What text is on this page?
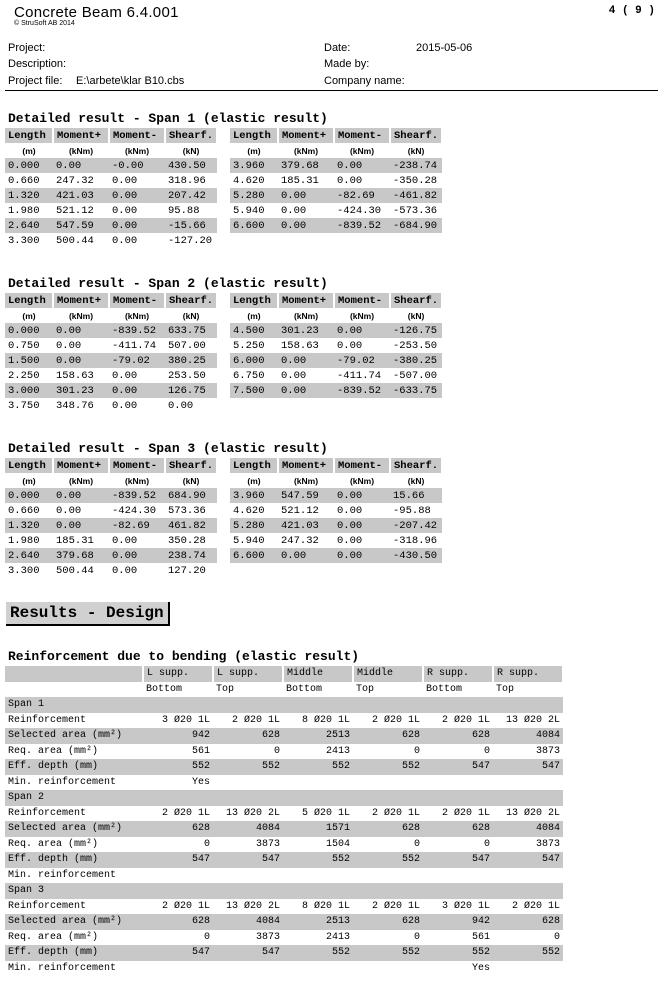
Concrete Beam 6.4.001
© StruSoft AB 2014
4 ( 9 )
Project:
Description:
Project file: E:\arbete\klar B10.cbs
Date:	2015-05-06
Made by:
Company name:
Detailed result - Span 1 (elastic result)
Length	Moment+	Moment-	Shearf.
(m)	(kNm)	(kNm)	(kN)
0.000	0.00	-0.00	430.50
0.660	247.32	0.00	318.96
1.320	421.03	0.00	207.42
1.980	521.12	0.00	95.88
2.640	547.59	0.00	-15.66
3.300	500.44	0.00	-127.20
Length	Moment+	Moment-	Shearf.
(m)	(kNm)	(kNm)	(kN)
3.960	379.68	0.00	-238.74
4.620	185.31	0.00	-350.28
5.280	0.00	-82.69	-461.82
5.940	0.00	-424.30	-573.36
6.600	0.00	-839.52	-684.90
Detailed result - Span 2 (elastic result)
Length	Moment+	Moment-	Shearf.
(m)	(kNm)	(kNm)	(kN)
0.000	0.00	-839.52	633.75
0.750	0.00	-411.74	507.00
1.500	0.00	-79.02	380.25
2.250	158.63	0.00	253.50
3.000	301.23	0.00	126.75
3.750	348.76	0.00	0.00
Length	Moment+	Moment-	Shearf.
(m)	(kNm)	(kNm)	(kN)
4.500	301.23	0.00	-126.75
5.250	158.63	0.00	-253.50
6.000	0.00	-79.02	-380.25
6.750	0.00	-411.74	-507.00
7.500	0.00	-839.52	-633.75
Detailed result - Span 3 (elastic result)
Length	Moment+	Moment-	Shearf.
(m)	(kNm)	(kNm)	(kN)
0.000	0.00	-839.52	684.90
0.660	0.00	-424.30	573.36
1.320	0.00	-82.69	461.82
1.980	185.31	0.00	350.28
2.640	379.68	0.00	238.74
3.300	500.44	0.00	127.20
Length	Moment+	Moment-	Shearf.
(m)	(kNm)	(kNm)	(kN)
3.960	547.59	0.00	15.66
4.620	521.12	0.00	-95.88
5.280	421.03	0.00	-207.42
5.940	247.32	0.00	-318.96
6.600	0.00	0.00	-430.50
Results - Design
Reinforcement due to bending (elastic result)
	L supp.	L supp.	Middle	Middle	R supp.	R supp.
	Bottom	Top	Bottom	Top	Bottom	Top
Span 1						
Reinforcement	3 Ø20 1L	2 Ø20 1L	8 Ø20 1L	2 Ø20 1L	2 Ø20 1L	13 Ø20 2L
Selected area (mm²)	942	628	2513	628	628	4084
Req. area (mm²)	561	0	2413	0	0	3873
Eff. depth (mm)	552	552	552	552	547	547
Min. reinforcement	Yes					
Span 2						
Reinforcement	2 Ø20 1L	13 Ø20 2L	5 Ø20 1L	2 Ø20 1L	2 Ø20 1L	13 Ø20 2L
Selected area (mm²)	628	4084	1571	628	628	4084
Req. area (mm²)	0	3873	1504	0	0	3873
Eff. depth (mm)	547	547	552	552	547	547
Min. reinforcement						
Span 3						
Reinforcement	2 Ø20 1L	13 Ø20 2L	8 Ø20 1L	2 Ø20 1L	3 Ø20 1L	2 Ø20 1L
Selected area (mm²)	628	4084	2513	628	942	628
Req. area (mm²)	0	3873	2413	0	561	0
Eff. depth (mm)	547	547	552	552	552	552
Min. reinforcement					Yes	
